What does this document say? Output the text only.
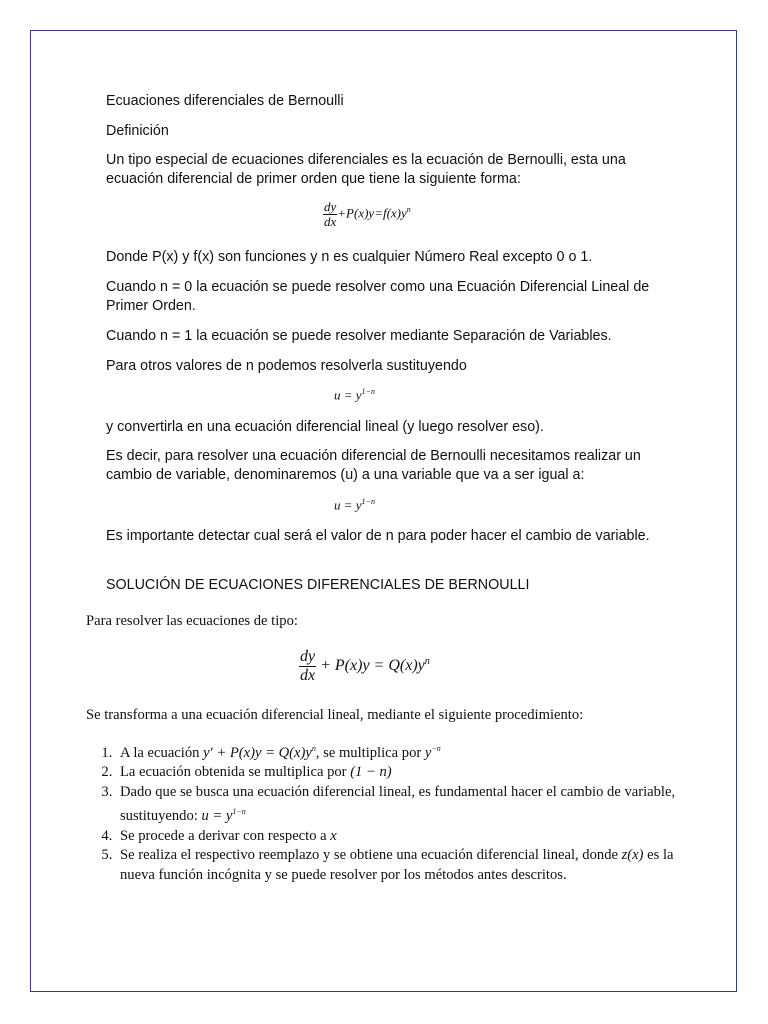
Ecuaciones diferenciales de Bernoulli

Definición

Un tipo especial de ecuaciones diferenciales es la ecuación de Bernoulli, esta una ecuación diferencial de primer orden que tiene la siguiente forma:

$\frac{dy}{dx} +P(x)y=f(x)y^n$

Donde P(x) y f(x) son funciones y n es cualquier Número Real excepto 0 o 1.

Cuando n = 0 la ecuación se puede resolver como una Ecuación Diferencial Lineal de Primer Orden.

Cuando n = 1 la ecuación se puede resolver mediante Separación de Variables.

Para otros valores de n podemos resolverla sustituyendo

$u = y^{1-n}$

y convertirla en una ecuación diferencial lineal (y luego resolver eso).

Es decir, para resolver una ecuación diferencial de Bernoulli necesitamos realizar un cambio de variable, denominaremos (u) a una variable que va a ser igual a:

$u = y^{1-n}$

Es importante detectar cual será el valor de n para poder hacer el cambio de variable.

SOLUCIÓN DE ECUACIONES DIFERENCIALES DE BERNOULLI

Para resolver las ecuaciones de tipo:

$\frac{dy}{dx} + P(x)y = Q(x)y^n$

Se transforma a una ecuación diferencial lineal, mediante el siguiente procedimiento:

1. A la ecuación $y' + P(x)y = Q(x)y^n$, se multiplica por $y^{-n}$
2. La ecuación obtenida se multiplica por (1 − n)
3. Dado que se busca una ecuación diferencial lineal, es fundamental hacer el cambio de variable, sustituyendo: $u = y^{1-n}$
4. Se procede a derivar con respecto a x
5. Se realiza el respectivo reemplazo y se obtiene una ecuación diferencial lineal, donde z(x) es la nueva función incógnita y se puede resolver por los métodos antes descritos.
